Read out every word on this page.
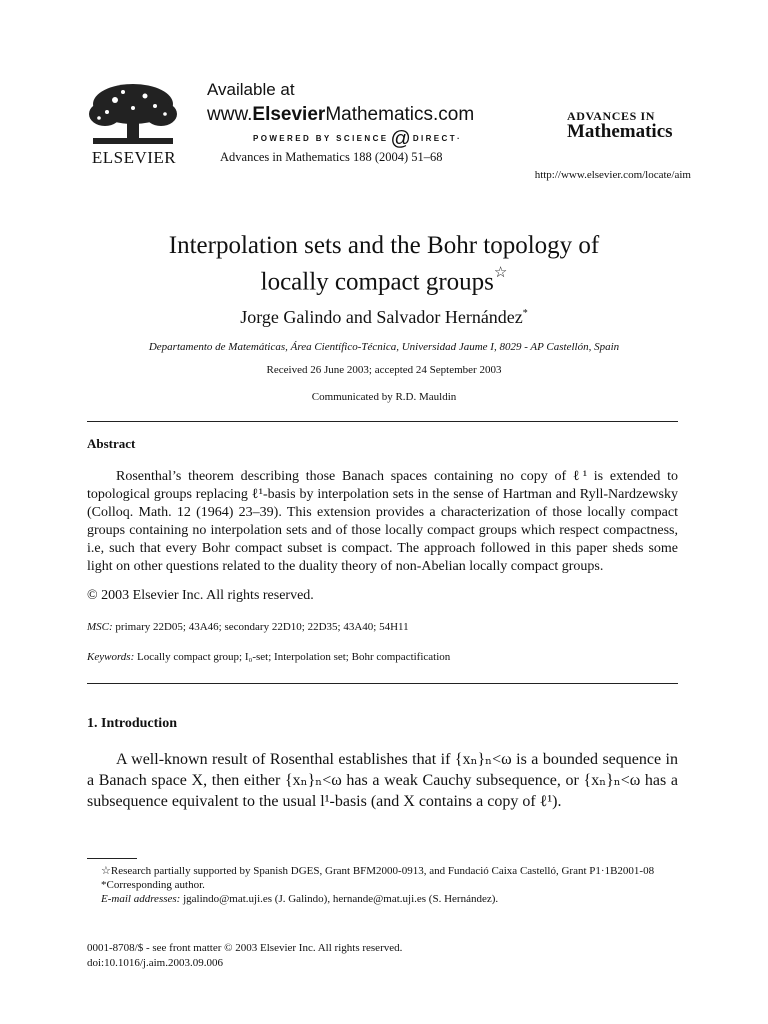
ELSEVIER
Available at
www.ElsevierMathematics.com
POWERED BY SCIENCE @ DIRECT·
Advances in Mathematics 188 (2004) 51–68
ADVANCES IN
Mathematics
http://www.elsevier.com/locate/aim
Interpolation sets and the Bohr topology of
locally compact groups☆
Jorge Galindo and Salvador Hernández*
Departamento de Matemáticas, Área Científico-Técnica, Universidad Jaume I, 8029 - AP Castellón, Spain
Received 26 June 2003; accepted 24 September 2003
Communicated by R.D. Mauldin
Abstract

Rosenthal’s theorem describing those Banach spaces containing no copy of ℓ¹ is extended to topological groups replacing ℓ¹-basis by interpolation sets in the sense of Hartman and Ryll-Nardzewsky (Colloq. Math. 12 (1964) 23–39). This extension provides a characterization of those locally compact groups containing no interpolation sets and of those locally compact groups which respect compactness, i.e, such that every Bohr compact subset is compact. The approach followed in this paper sheds some light on other questions related to the duality theory of non-Abelian locally compact groups.

© 2003 Elsevier Inc. All rights reserved.
MSC: primary 22D05; 43A46; secondary 22D10; 22D35; 43A40; 54H11
Keywords: Locally compact group; I₀-set; Interpolation set; Bohr compactification
1. Introduction

A well-known result of Rosenthal establishes that if {xₙ}ₙ<ω is a bounded sequence in a Banach space X, then either {xₙ}ₙ<ω has a weak Cauchy subsequence, or {xₙ}ₙ<ω has a subsequence equivalent to the usual l¹-basis (and X contains a copy of ℓ¹).

☆Research partially supported by Spanish DGES, Grant BFM2000-0913, and Fundació Caixa Castelló, Grant P1·1B2001-08
*Corresponding author.
E-mail addresses: jgalindo@mat.uji.es (J. Galindo), hernande@mat.uji.es (S. Hernández).
0001-8708/$ - see front matter © 2003 Elsevier Inc. All rights reserved.
doi:10.1016/j.aim.2003.09.006
